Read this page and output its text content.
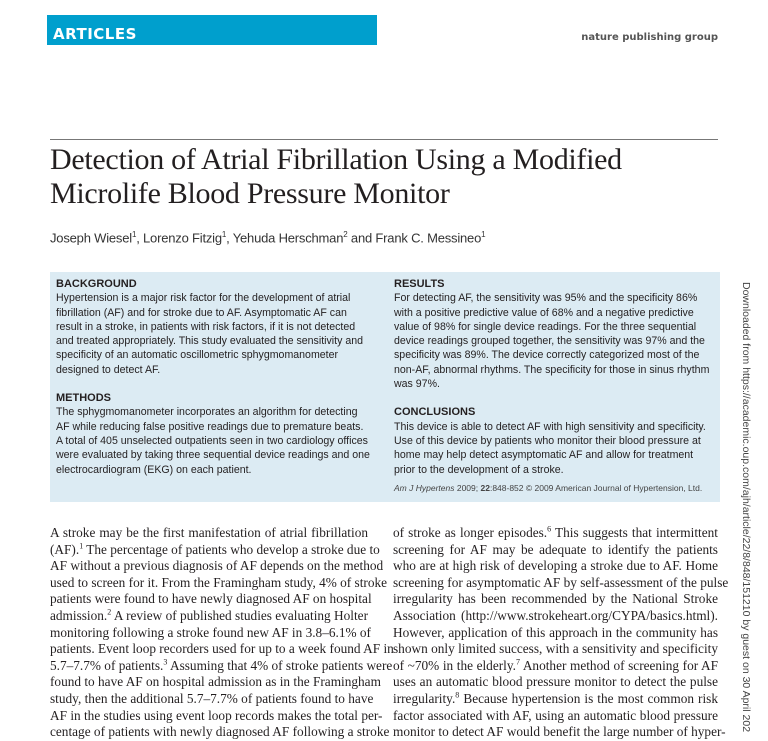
ARTICLES	nature publishing group
Detection of Atrial Fibrillation Using a Modified
Microlife Blood Pressure Monitor
Joseph Wiesel$^1$, Lorenzo Fitzig$^1$, Yehuda Herschman$^2$ and Frank C. Messineo$^1$
BACKGROUND
Hypertension is a major risk factor for the development of atrial
fibrillation (AF) and for stroke due to AF. Asymptomatic AF can
result in a stroke, in patients with risk factors, if it is not detected
and treated appropriately. This study evaluated the sensitivity and
specificity of an automatic oscillometric sphygmomanometer
designed to detect AF.
METHODS
The sphygmomanometer incorporates an algorithm for detecting
AF while reducing false positive readings due to premature beats.
A total of 405 unselected outpatients seen in two cardiology offices
were evaluated by taking three sequential device readings and one
electrocardiogram (EKG) on each patient.
RESULTS
For detecting AF, the sensitivity was 95% and the specificity 86%
with a positive predictive value of 68% and a negative predictive
value of 98% for single device readings. For the three sequential
device readings grouped together, the sensitivity was 97% and the
specificity was 89%. The device correctly categorized most of the
non-AF, abnormal rhythms. The specificity for those in sinus rhythm
was 97%.
CONCLUSIONS
This device is able to detect AF with high sensitivity and specificity.
Use of this device by patients who monitor their blood pressure at
home may help detect asymptomatic AF and allow for treatment
prior to the development of a stroke.
Am J Hypertens 2009; 22:848-852 © 2009 American Journal of Hypertension, Ltd.
A stroke may be the first manifestation of atrial fibrillation
(AF).$^1$ The percentage of patients who develop a stroke due to
AF without a previous diagnosis of AF depends on the method
used to screen for it. From the Framingham study, 4% of stroke
patients were found to have newly diagnosed AF on hospital
admission.$^2$ A review of published studies evaluating Holter
monitoring following a stroke found new AF in 3.8–6.1% of
patients. Event loop recorders used for up to a week found AF in
5.7–7.7% of patients.$^3$ Assuming that 4% of stroke patients were
found to have AF on hospital admission as in the Framingham
study, then the additional 5.7–7.7% of patients found to have
AF in the studies using event loop records makes the total per-
centage of patients with newly diagnosed AF following a stroke
of stroke as longer episodes.$^6$ This suggests that intermittent
screening for AF may be adequate to identify the patients
who are at high risk of developing a stroke due to AF. Home
screening for asymptomatic AF by self-assessment of the pulse
irregularity has been recommended by the National Stroke
Association (http://www.strokeheart.org/CYPA/basics.html).
However, application of this approach in the community has
shown only limited success, with a sensitivity and specificity
of ~70% in the elderly.$^7$ Another method of screening for AF
uses an automatic blood pressure monitor to detect the pulse
irregularity.$^8$ Because hypertension is the most common risk
factor associated with AF, using an automatic blood pressure
monitor to detect AF would benefit the large number of hyper- Downloaded from https://academic.oup.com/ajh/article/22/8/848/151210 by guest on 30 April 202
